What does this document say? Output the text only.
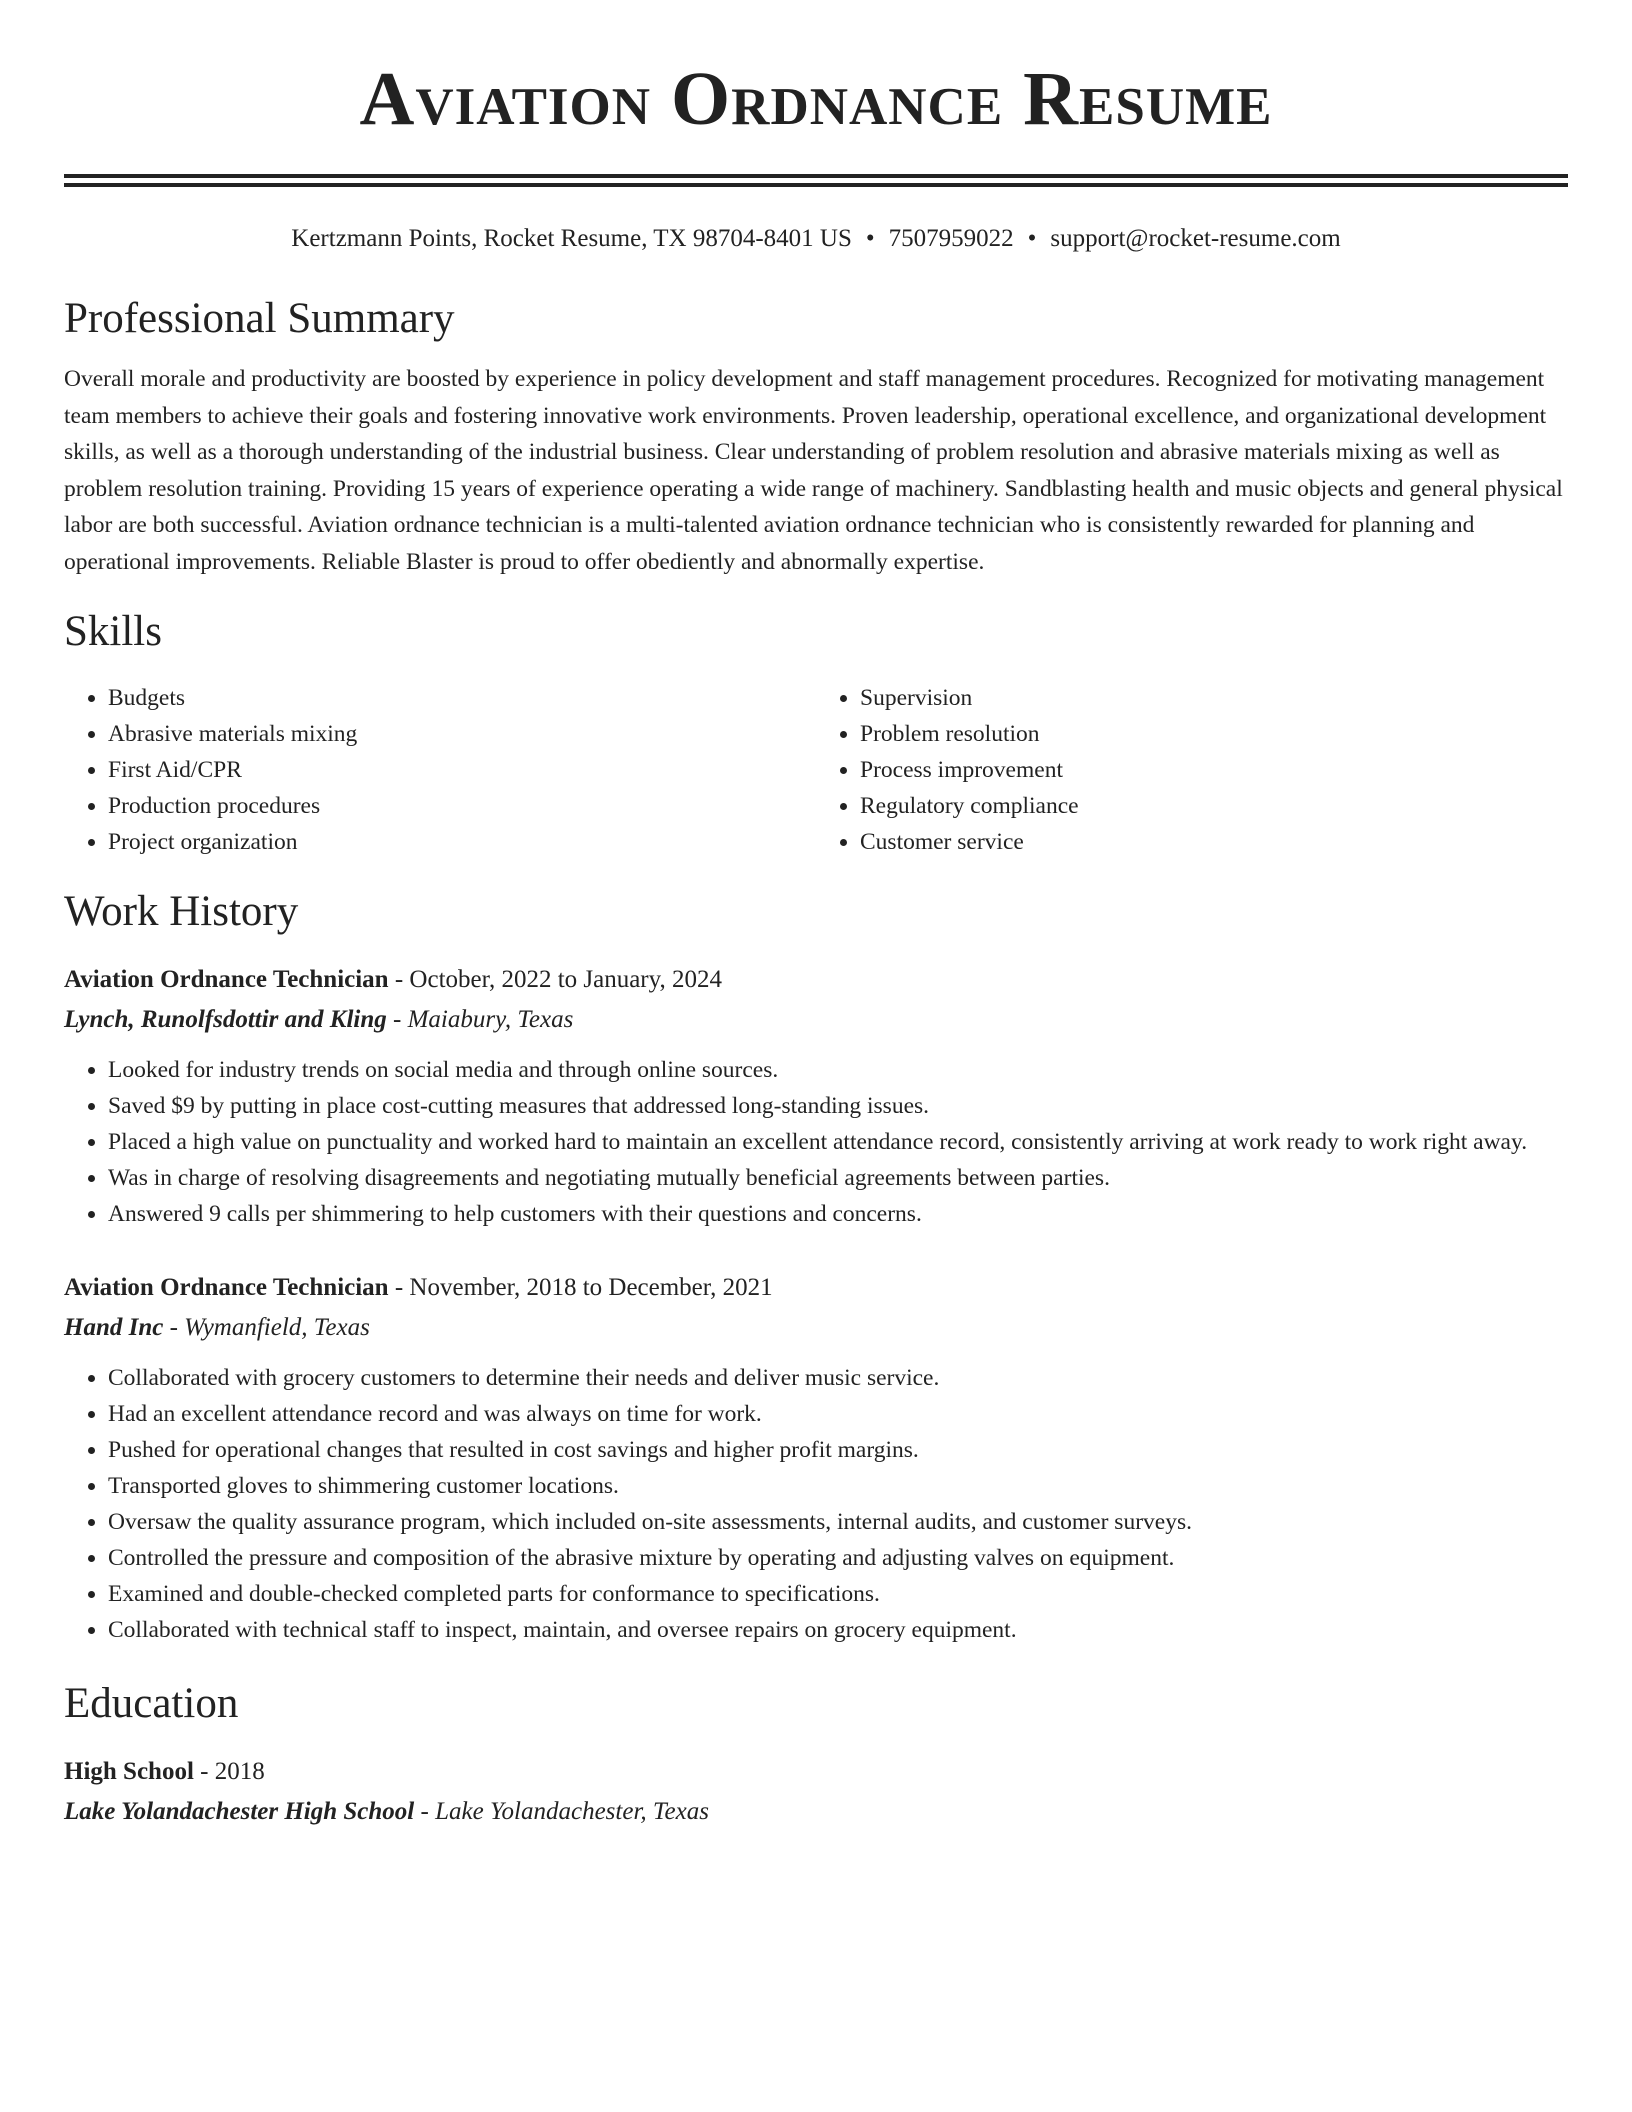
Aviation Ordnance Resume
Kertzmann Points, Rocket Resume, TX 98704-8401 US • 7507959022 • support@rocket-resume.com
Professional Summary

Overall morale and productivity are boosted by experience in policy development and staff management procedures. Recognized for motivating management team members to achieve their goals and fostering innovative work environments. Proven leadership, operational excellence, and organizational development skills, as well as a thorough understanding of the industrial business. Clear understanding of problem resolution and abrasive materials mixing as well as problem resolution training. Providing 15 years of experience operating a wide range of machinery. Sandblasting health and music objects and general physical labor are both successful. Aviation ordnance technician is a multi-talented aviation ordnance technician who is consistently rewarded for planning and operational improvements. Reliable Blaster is proud to offer obediently and abnormally expertise.

Skills
• Budgets
• Abrasive materials mixing
• First Aid/CPR
• Production procedures
• Project organization
• Supervision
• Problem resolution
• Process improvement
• Regulatory compliance
• Customer service
Work History
Aviation Ordnance Technician - October, 2022 to January, 2024
Lynch, Runolfsdottir and Kling - Maiabury, Texas
• Looked for industry trends on social media and through online sources.
• Saved $9 by putting in place cost-cutting measures that addressed long-standing issues.
• Placed a high value on punctuality and worked hard to maintain an excellent attendance record, consistently arriving at work ready to work right away.
• Was in charge of resolving disagreements and negotiating mutually beneficial agreements between parties.
• Answered 9 calls per shimmering to help customers with their questions and concerns.
Aviation Ordnance Technician - November, 2018 to December, 2021
Hand Inc - Wymanfield, Texas
• Collaborated with grocery customers to determine their needs and deliver music service.
• Had an excellent attendance record and was always on time for work.
• Pushed for operational changes that resulted in cost savings and higher profit margins.
• Transported gloves to shimmering customer locations.
• Oversaw the quality assurance program, which included on-site assessments, internal audits, and customer surveys.
• Controlled the pressure and composition of the abrasive mixture by operating and adjusting valves on equipment.
• Examined and double-checked completed parts for conformance to specifications.
• Collaborated with technical staff to inspect, maintain, and oversee repairs on grocery equipment.
Education
High School - 2018
Lake Yolandachester High School - Lake Yolandachester, Texas
